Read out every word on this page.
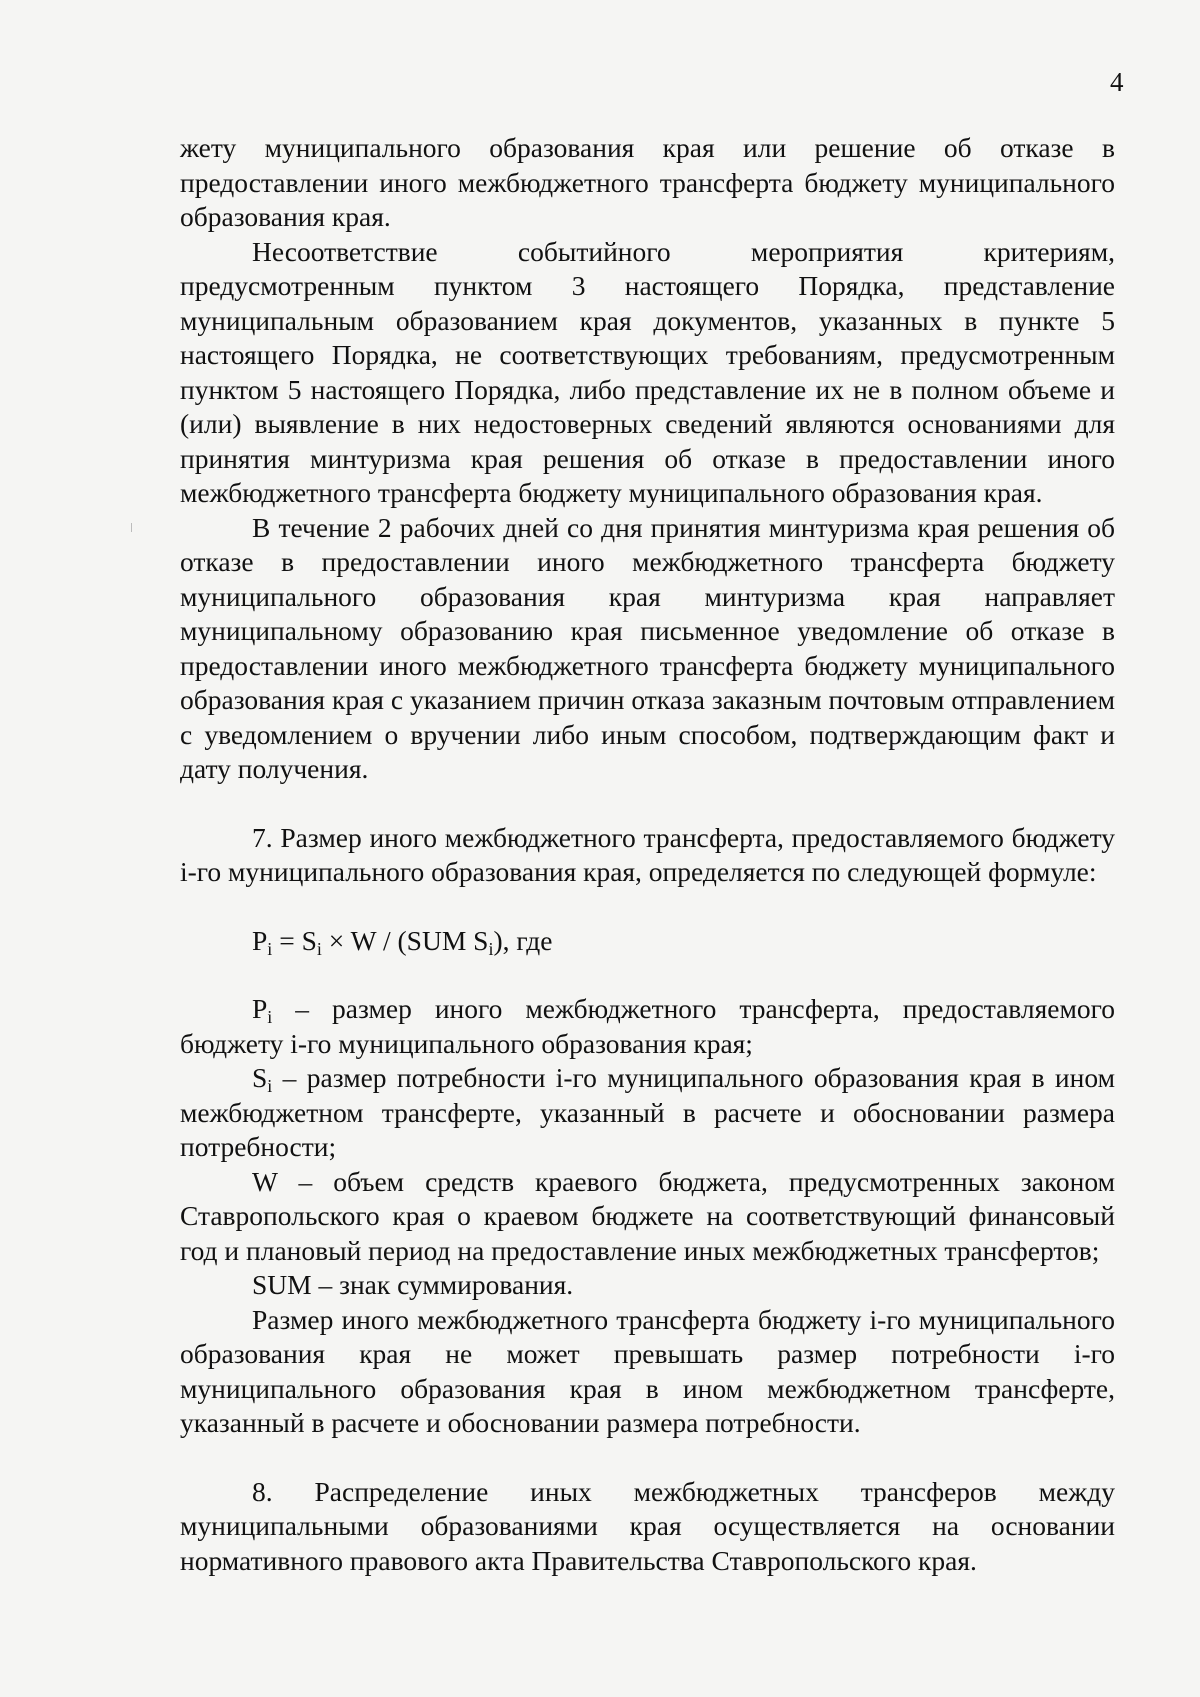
4

жету муниципального образования края или решение об отказе в предоставлении иного межбюджетного трансферта бюджету муниципального образования края.

Несоответствие событийного мероприятия критериям, предусмотренным пунктом 3 настоящего Порядка, представление муниципальным образованием края документов, указанных в пункте 5 настоящего Порядка, не соответствующих требованиям, предусмотренным пунктом 5 настоящего Порядка, либо представление их не в полном объеме и (или) выявление в них недостоверных сведений являются основаниями для принятия минтуризма края решения об отказе в предоставлении иного межбюджетного трансферта бюджету муниципального образования края.

В течение 2 рабочих дней со дня принятия минтуризма края решения об отказе в предоставлении иного межбюджетного трансферта бюджету муниципального образования края минтуризма края направляет муниципальному образованию края письменное уведомление об отказе в предоставлении иного межбюджетного трансферта бюджету муниципального образования края с указанием причин отказа заказным почтовым отправлением с уведомлением о вручении либо иным способом, подтверждающим факт и дату получения.

7. Размер иного межбюджетного трансферта, предоставляемого бюджету i-го муниципального образования края, определяется по следующей формуле:

$P_i = S_i \times W / (SUM$ $S_i$), где

$P_i$ – размер иного межбюджетного трансферта, предоставляемого бюджету i-го муниципального образования края;

$S_i$ – размер потребности i-го муниципального образования края в ином межбюджетном трансферте, указанный в расчете и обосновании размера потребности;

W – объем средств краевого бюджета, предусмотренных законом Ставропольского края о краевом бюджете на соответствующий финансовый год и плановый период на предоставление иных межбюджетных трансфертов;

SUM – знак суммирования.

Размер иного межбюджетного трансферта бюджету i-го муниципального образования края не может превышать размер потребности i-го муниципального образования края в ином межбюджетном трансферте, указанный в расчете и обосновании размера потребности.

8. Распределение иных межбюджетных трансферов между муниципальными образованиями края осуществляется на основании нормативного правового акта Правительства Ставропольского края.
